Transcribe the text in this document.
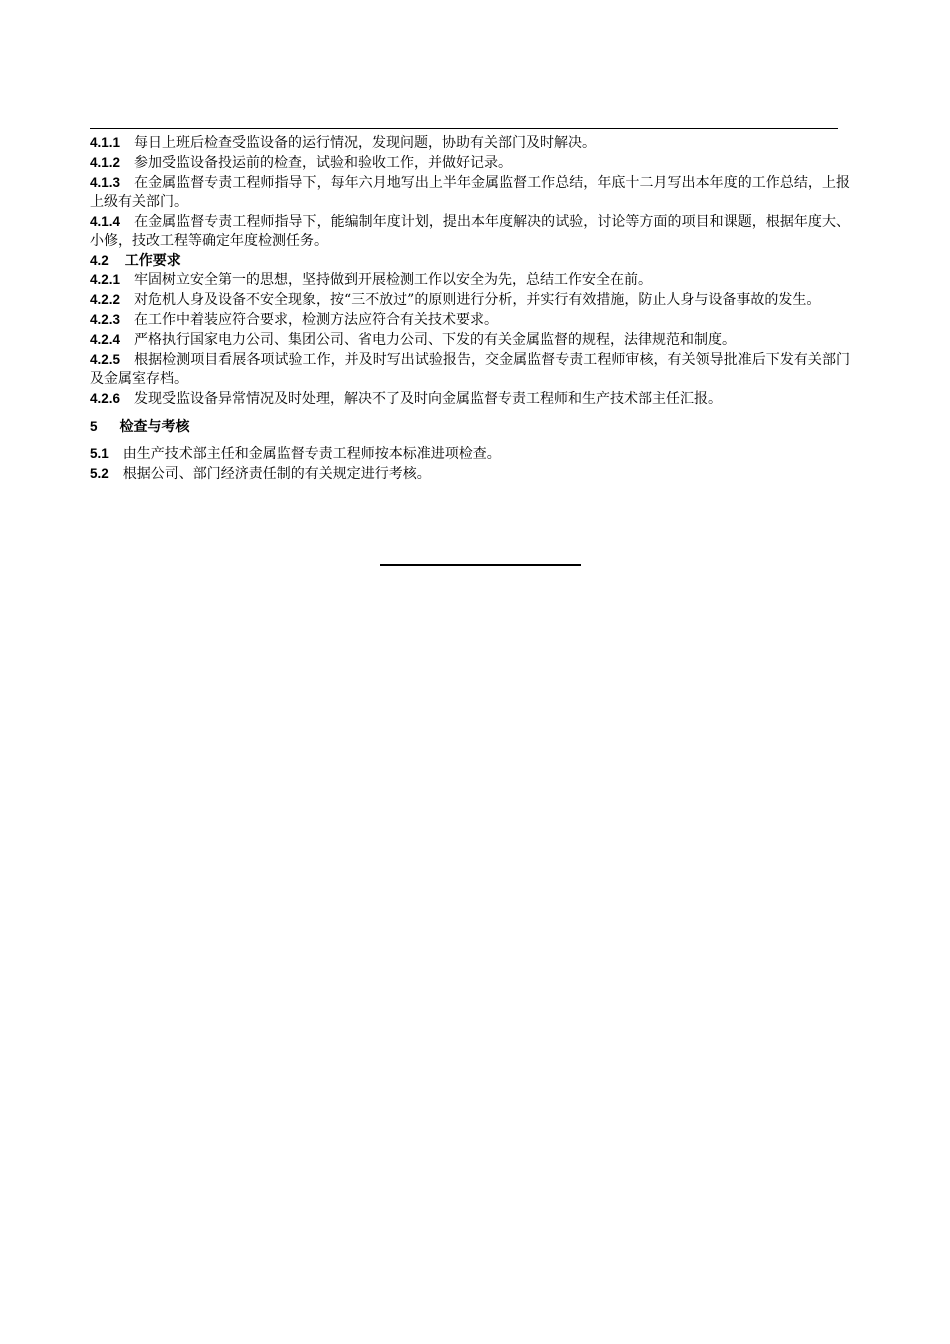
4.1.1 每日上班后检查受监设备的运行情况，发现问题，协助有关部门及时解决。

4.1.2 参加受监设备投运前的检查，试验和验收工作，并做好记录。

4.1.3 在金属监督专责工程师指导下，每年六月地写出上半年金属监督工作总结，年底十二月写出本年度的工作总结，上报上级有关部门。

4.1.4 在金属监督专责工程师指导下，能编制年度计划，提出本年度解决的试验，讨论等方面的项目和课题，根据年度大、小修，技改工程等确定年度检测任务。

4.2 工作要求

4.2.1 牢固树立安全第一的思想，坚持做到开展检测工作以安全为先，总结工作安全在前。

4.2.2 对危机人身及设备不安全现象，按“三不放过”的原则进行分析，并实行有效措施，防止人身与设备事故的发生。

4.2.3 在工作中着装应符合要求，检测方法应符合有关技术要求。

4.2.4 严格执行国家电力公司、集团公司、省电力公司、下发的有关金属监督的规程，法律规范和制度。

4.2.5 根据检测项目看展各项试验工作，并及时写出试验报告，交金属监督专责工程师审核，有关领导批准后下发有关部门及金属室存档。

4.2.6 发现受监设备异常情况及时处理，解决不了及时向金属监督专责工程师和生产技术部主任汇报。

5 检查与考核

5.1 由生产技术部主任和金属监督专责工程师按本标准进项检查。

5.2 根据公司、部门经济责任制的有关规定进行考核。
